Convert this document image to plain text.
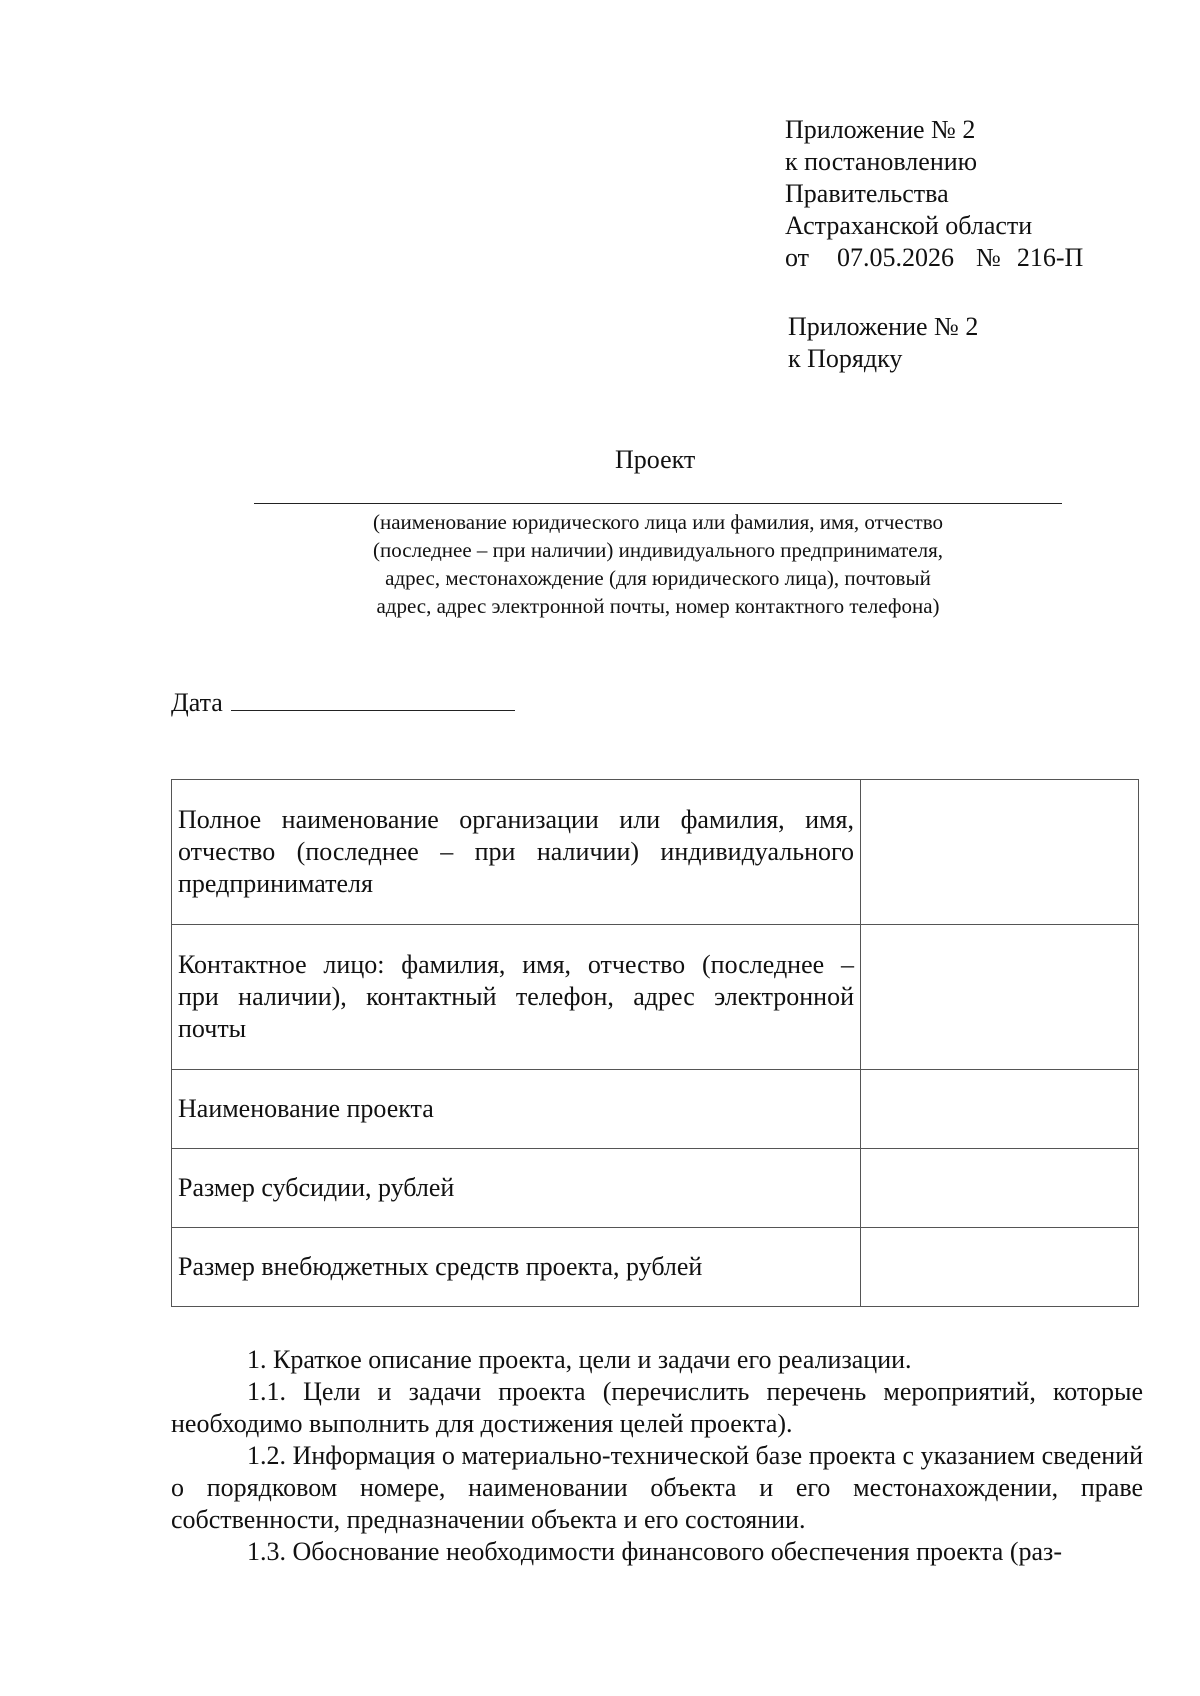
Приложение № 2
к постановлению
Правительства
Астраханской области
от 07.05.2026 № 216-П
Приложение № 2
к Порядку
Проект
(наименование юридического лица или фамилия, имя, отчество
(последнее – при наличии) индивидуального предпринимателя,
адрес, местонахождение (для юридического лица), почтовый
адрес, адрес электронной почты, номер контактного телефона)
Дата
Полное наименование организации или фамилия, имя,
отчество (последнее – при наличии) индивидуального
предпринимателя	

Контактное лицо: фамилия, имя, отчество (последнее –
при наличии), контактный телефон, адрес электронной
почты	

Наименование проекта	

Размер субсидии, рублей	

Размер внебюджетных средств проекта, рублей	

1. Краткое описание проекта, цели и задачи его реализации.

1.1. Цели и задачи проекта (перечислить перечень мероприятий, которые необходимо выполнить для достижения целей проекта).

1.2. Информация о материально-технической базе проекта с указанием сведений о порядковом номере, наименовании объекта и его местонахождении, праве собственности, предназначении объекта и его состоянии.

1.3. Обоснование необходимости финансового обеспечения проекта (раз-
